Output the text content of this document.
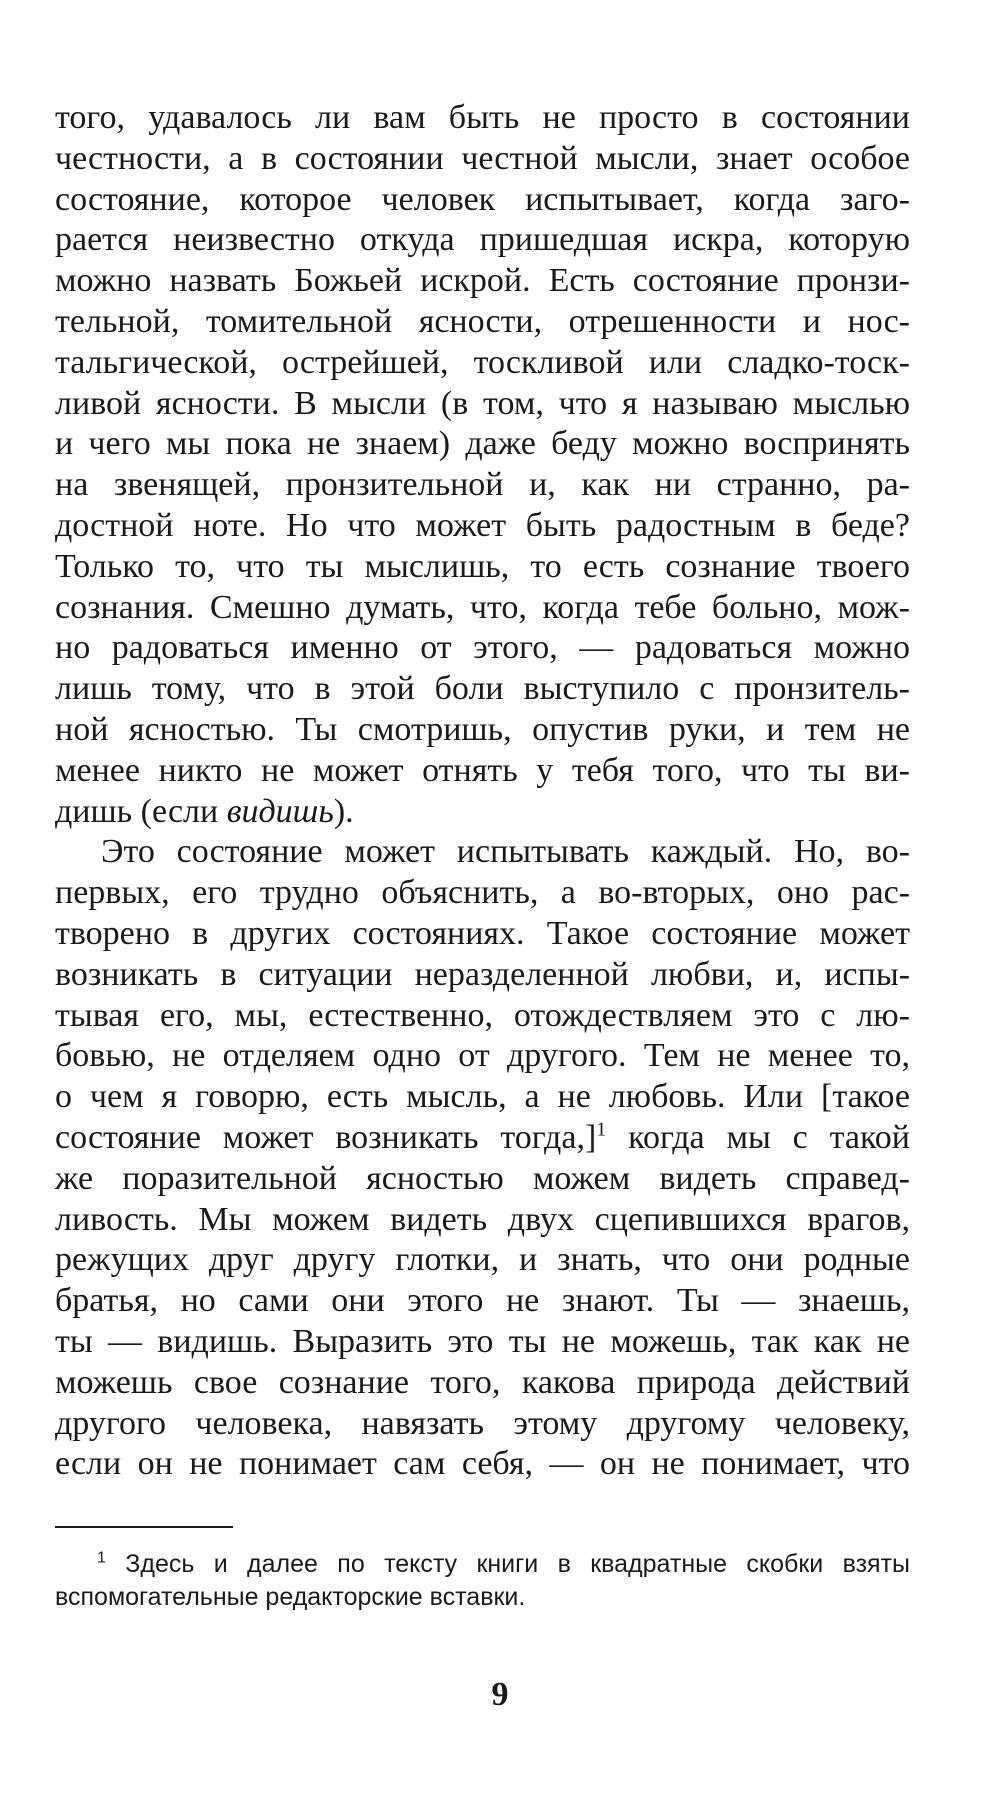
того, удавалось ли вам быть не просто в состоянии
честности, а в состоянии честной мысли, знает особое
состояние, которое человек испытывает, когда заго-
рается неизвестно откуда пришедшая искра, которую
можно назвать Божьей искрой. Есть состояние пронзи-
тельной, томительной ясности, отрешенности и нос-
тальгической, острейшей, тоскливой или сладко-тоск-
ливой ясности. В мысли (в том, что я называю мыслью
и чего мы пока не знаем) даже беду можно воспринять
на звенящей, пронзительной и, как ни странно, ра-
достной ноте. Но что может быть радостным в беде?
Только то, что ты мыслишь, то есть сознание твоего
сознания. Смешно думать, что, когда тебе больно, мож-
но радоваться именно от этого, — радоваться можно
лишь тому, что в этой боли выступило с пронзитель-
ной ясностью. Ты смотришь, опустив руки, и тем не
менее никто не может отнять у тебя того, что ты ви-
дишь (если видишь).

Это состояние может испытывать каждый. Но, во-
первых, его трудно объяснить, а во-вторых, оно рас-
творено в других состояниях. Такое состояние может
возникать в ситуации неразделенной любви, и, испы-
тывая его, мы, естественно, отождествляем это с лю-
бовью, не отделяем одно от другого. Тем не менее то,
о чем я говорю, есть мысль, а не любовь. Или [такое
состояние может возникать тогда,]$^1$ когда мы с такой
же поразительной ясностью можем видеть справед-
ливость. Мы можем видеть двух сцепившихся врагов,
режущих друг другу глотки, и знать, что они родные
братья, но сами они этого не знают. Ты — знаешь,
ты — видишь. Выразить это ты не можешь, так как не
можешь свое сознание того, какова природа действий
другого человека, навязать этому другому человеку,
если он не понимает сам себя, — он не понимает, что

$^1$ Здесь и далее по тексту книги в квадратные скобки взяты
вспомогательные редакторские вставки.
9
